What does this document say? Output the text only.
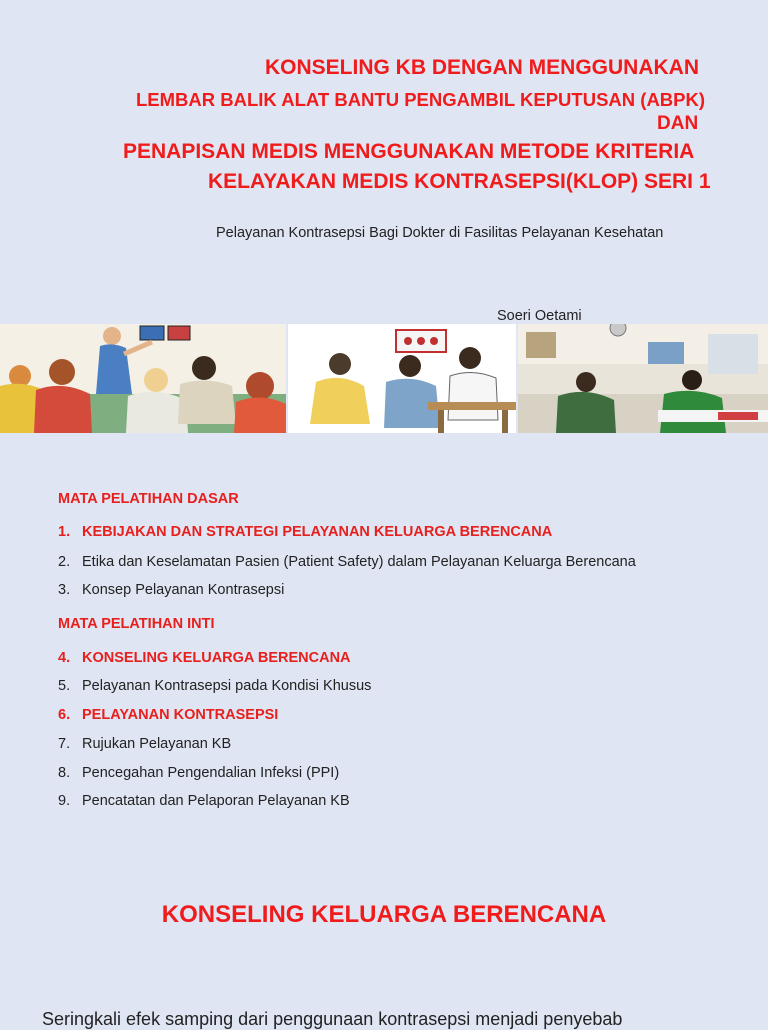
KONSELING KB DENGAN MENGGUNAKAN
LEMBAR BALIK ALAT BANTU PENGAMBIL KEPUTUSAN (ABPK)
DAN
PENAPISAN MEDIS MENGGUNAKAN METODE KRITERIA
KELAYAKAN MEDIS KONTRASEPSI(KLOP) SERI 1
Pelayanan Kontrasepsi Bagi Dokter di Fasilitas Pelayanan Kesehatan
Soeri Oetami
MATA PELATIHAN DASAR
1. KEBIJAKAN DAN STRATEGI PELAYANAN KELUARGA BERENCANA
2. Etika dan Keselamatan Pasien (Patient Safety) dalam Pelayanan Keluarga Berencana
3. Konsep Pelayanan Kontrasepsi
MATA PELATIHAN INTI
4. KONSELING KELUARGA BERENCANA
5. Pelayanan Kontrasepsi pada Kondisi Khusus
6. PELAYANAN KONTRASEPSI
7. Rujukan Pelayanan KB
8. Pencegahan Pengendalian Infeksi (PPI)
9. Pencatatan dan Pelaporan Pelayanan KB
KONSELING KELUARGA BERENCANA
Seringkali efek samping dari penggunaan kontrasepsi menjadi penyebab
